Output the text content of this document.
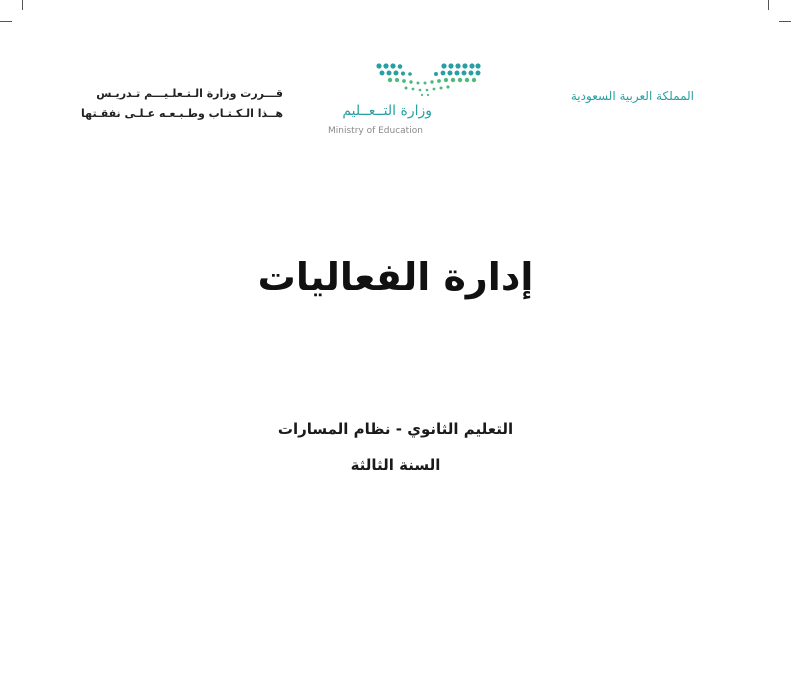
قـــررت وزارة الـتـعلـيـــم تـدريـس
هــذا الـكـتـاب وطـبـعـه عـلـى نفقـتها	وزارة التــعــليم
Ministry of Education
المملكة العربية السعودية
إدارة الفعاليات
التعليم الثانوي - نظام المسارات
السنة الثالثة
